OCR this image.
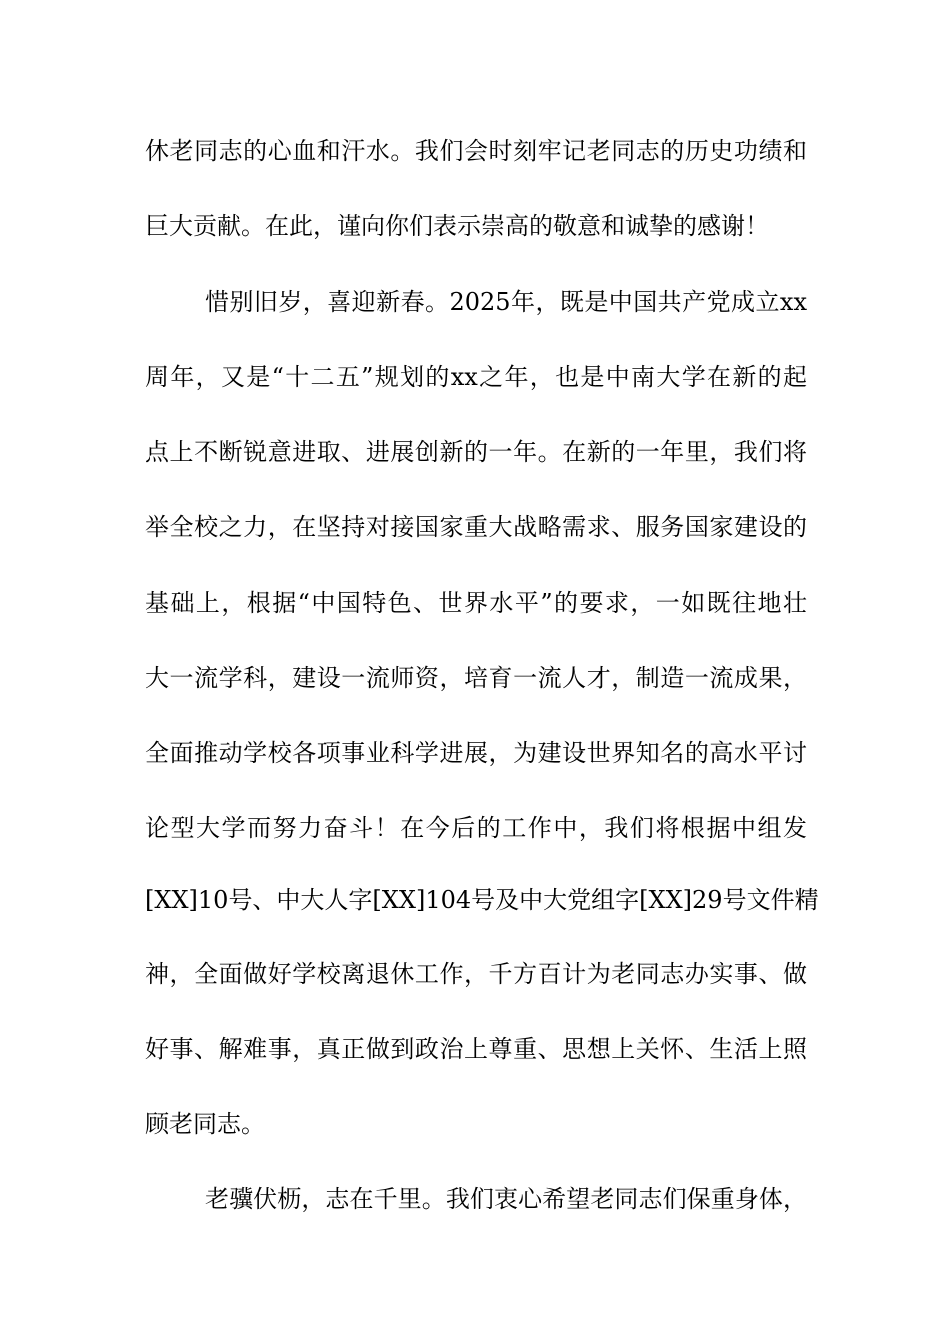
休老同志的心血和汗水。我们会时刻牢记老同志的历史功绩和
巨大贡献。在此，谨向你们表示崇高的敬意和诚挚的感谢！
惜别旧岁，喜迎新春。2025年，既是中国共产党成立xx
周年，又是“十二五”规划的xx之年，也是中南大学在新的起
点上不断锐意进取、进展创新的一年。在新的一年里，我们将
举全校之力，在坚持对接国家重大战略需求、服务国家建设的
基础上，根据“中国特色、世界水平”的要求，一如既往地壮
大一流学科，建设一流师资，培育一流人才，制造一流成果，
全面推动学校各项事业科学进展，为建设世界知名的高水平讨
论型大学而努力奋斗！在今后的工作中，我们将根据中组发
[XX]10号、中大人字[XX]104号及中大党组字[XX]29号文件精
神，全面做好学校离退休工作，千方百计为老同志办实事、做
好事、解难事，真正做到政治上尊重、思想上关怀、生活上照
顾老同志。
老骥伏枥，志在千里。我们衷心希望老同志们保重身体，
